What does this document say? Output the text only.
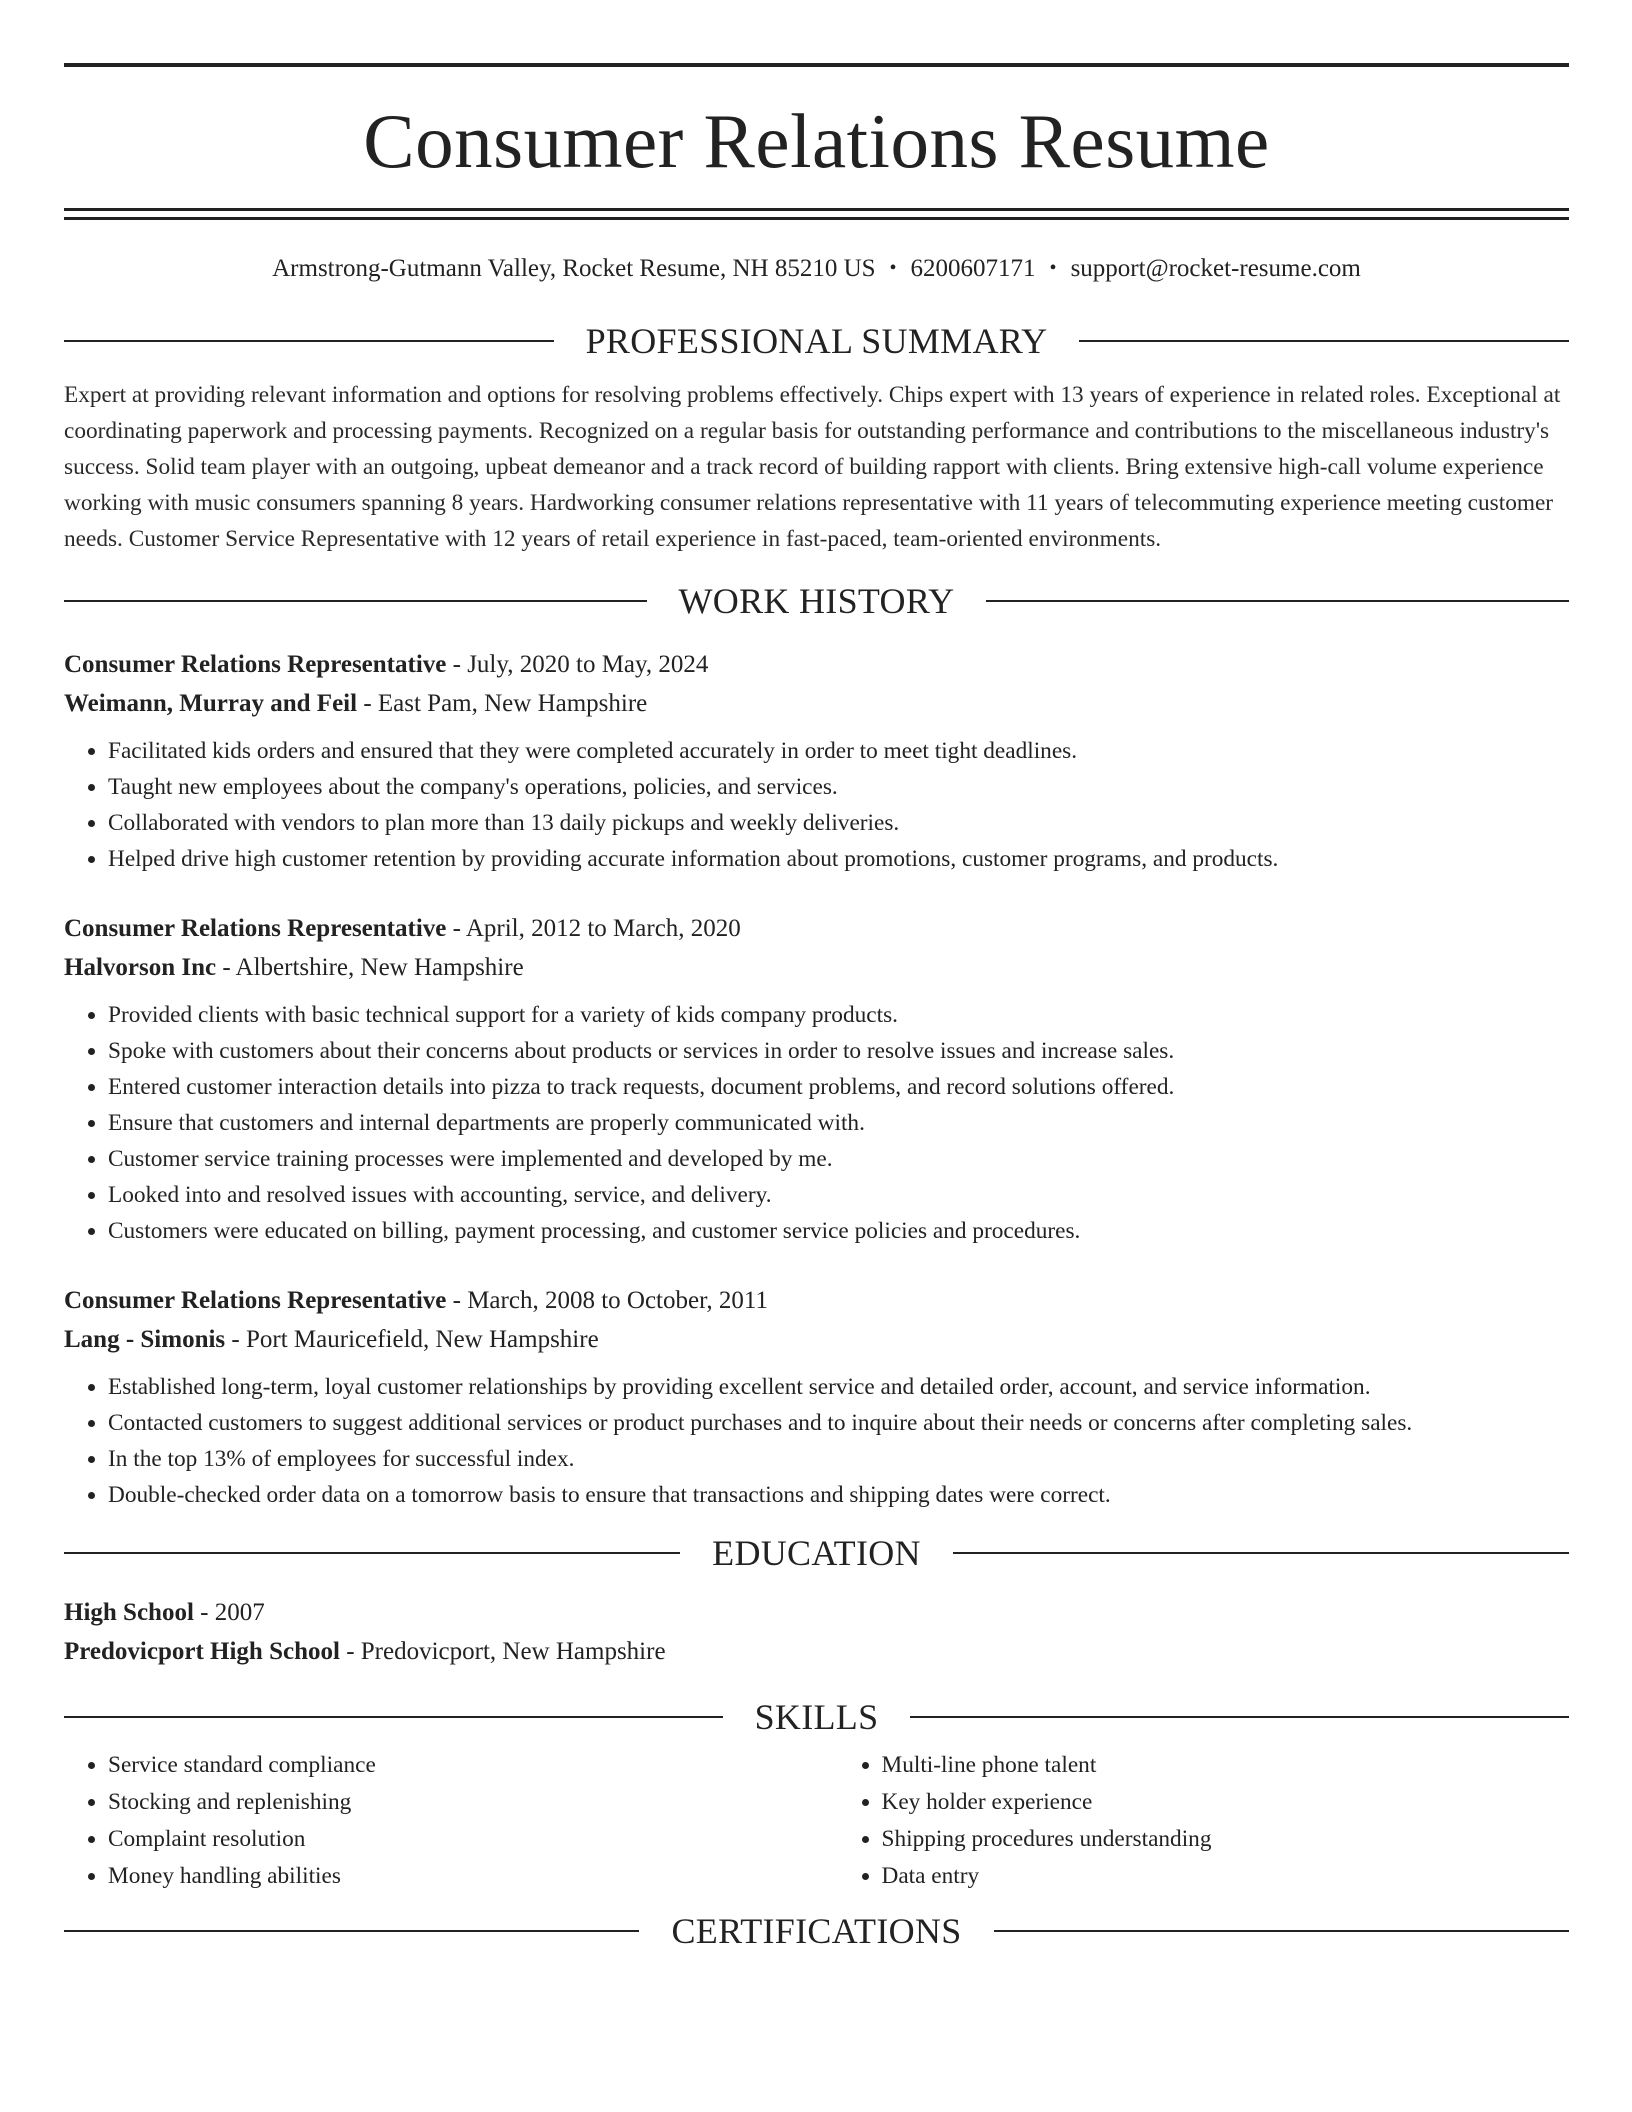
Consumer Relations Resume
Armstrong-Gutmann Valley, Rocket Resume, NH 85210 US • 6200607171 • support@rocket-resume.com
PROFESSIONAL SUMMARY
Expert at providing relevant information and options for resolving problems effectively. Chips expert with 13 years of experience in related roles. Exceptional at coordinating paperwork and processing payments. Recognized on a regular basis for outstanding performance and contributions to the miscellaneous industry's success. Solid team player with an outgoing, upbeat demeanor and a track record of building rapport with clients. Bring extensive high-call volume experience working with music consumers spanning 8 years. Hardworking consumer relations representative with 11 years of telecommuting experience meeting customer needs. Customer Service Representative with 12 years of retail experience in fast-paced, team-oriented environments.
WORK HISTORY
Consumer Relations Representative - July, 2020 to May, 2024
Weimann, Murray and Feil - East Pam, New Hampshire
• Facilitated kids orders and ensured that they were completed accurately in order to meet tight deadlines.
• Taught new employees about the company's operations, policies, and services.
• Collaborated with vendors to plan more than 13 daily pickups and weekly deliveries.
• Helped drive high customer retention by providing accurate information about promotions, customer programs, and products.
Consumer Relations Representative - April, 2012 to March, 2020
Halvorson Inc - Albertshire, New Hampshire
• Provided clients with basic technical support for a variety of kids company products.
• Spoke with customers about their concerns about products or services in order to resolve issues and increase sales.
• Entered customer interaction details into pizza to track requests, document problems, and record solutions offered.
• Ensure that customers and internal departments are properly communicated with.
• Customer service training processes were implemented and developed by me.
• Looked into and resolved issues with accounting, service, and delivery.
• Customers were educated on billing, payment processing, and customer service policies and procedures.
Consumer Relations Representative - March, 2008 to October, 2011
Lang - Simonis - Port Mauricefield, New Hampshire
• Established long-term, loyal customer relationships by providing excellent service and detailed order, account, and service information.
• Contacted customers to suggest additional services or product purchases and to inquire about their needs or concerns after completing sales.
• In the top 13% of employees for successful index.
• Double-checked order data on a tomorrow basis to ensure that transactions and shipping dates were correct.
EDUCATION
High School - 2007
Predovicport High School - Predovicport, New Hampshire
SKILLS
• Service standard compliance
• Stocking and replenishing
• Complaint resolution
• Money handling abilities
• Multi-line phone talent
• Key holder experience
• Shipping procedures understanding
• Data entry
CERTIFICATIONS
